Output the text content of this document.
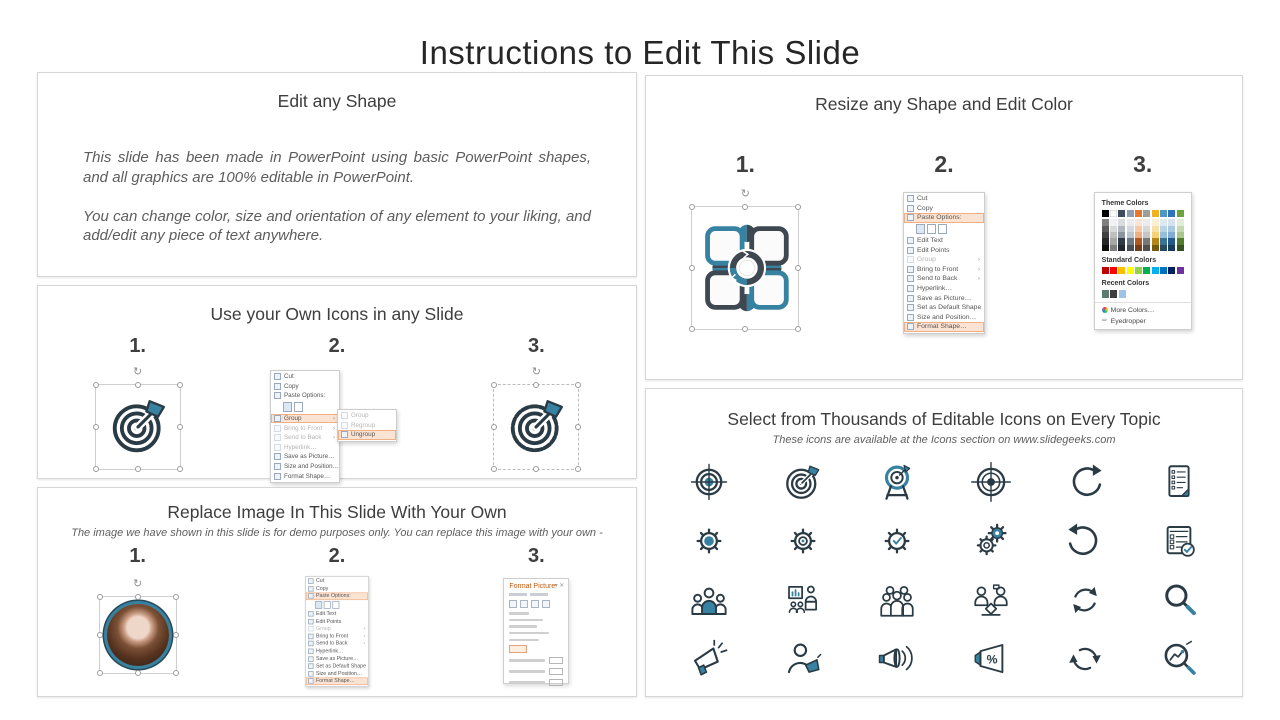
Instructions to Edit This Slide
Edit any Shape

This slide has been made in PowerPoint using basic PowerPoint shapes, and all graphics are 100% editable in PowerPoint.

You can change color, size and orientation of any element to your liking, and add/edit any piece of text anywhere.

Use your Own Icons in any Slide
1.
↻
2.
Cut
Copy
Paste Options:
Group	›
Bring to Front ›
Send to Back ›
Hyperlink…
Save as Picture…
Size and Position…
Format Shape…
Group
Regroup
Ungroup
3.
↻
Replace Image In This Slide With Your Own
The image we have shown in this slide is for demo purposes only. You can replace this image with your own -
1.
↻
2.
Cut
Copy
Paste Options:
Edit Text
Edit Points
Group	›
Bring to Front ›
Send to Back ›
Hyperlink…
Save as Picture…
Set as Default Shape
Size and Position…
Format Shape…
3.
Format Picture ▾ ✕
Resize any Shape and Edit Color
1.
↻
2.
Cut
Copy
Paste Options:
Edit Text
Edit Points
Group	›
Bring to Front	›
Send to Back	›
Hyperlink…
Save as Picture…
Set as Default Shape
Size and Position…
Format Shape…
3.
Theme Colors
Standard Colors
Recent Colors
More Colors…
✏ Eyedropper
Select from Thousands of Editable Icons on Every Topic
These icons are available at the Icons section on www.slidegeeks.com
%
